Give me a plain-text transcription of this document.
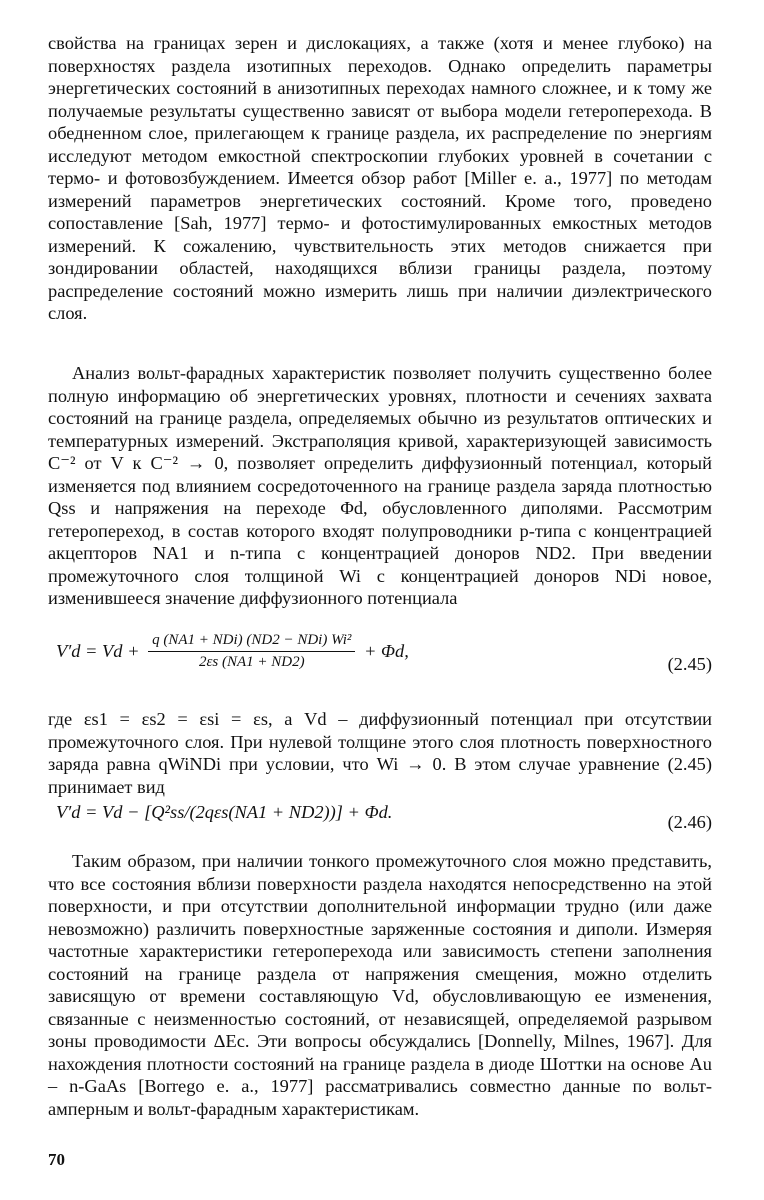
свойства на границах зерен и дислокациях, а также (хотя и менее глубоко) на поверхностях раздела изотипных переходов. Однако определить параметры энергетических состояний в анизотипных переходах намного сложнее, и к тому же получаемые результаты существенно зависят от выбора модели гетероперехода. В обедненном слое, прилегающем к границе раздела, их распределение по энергиям исследуют методом емкостной спектроскопии глубоких уровней в сочетании с термо- и фотовозбуждением. Имеется обзор работ [Miller e. a., 1977] по методам измерений параметров энергетических состояний. Кроме того, проведено сопоставление [Sah, 1977] термо- и фотостимулированных емкостных методов измерений. К сожалению, чувствительность этих методов снижается при зондировании областей, находящихся вблизи границы раздела, поэтому распределение состояний можно измерить лишь при наличии диэлектрического слоя.

Анализ вольт-фарадных характеристик позволяет получить существенно более полную информацию об энергетических уровнях, плотности и сечениях захвата состояний на границе раздела, определяемых обычно из результатов оптических и температурных измерений. Экстраполяция кривой, характеризующей зависимость C⁻² от V к C⁻² → 0, позволяет определить диффузионный потенциал, который изменяется под влиянием сосредоточенного на границе раздела заряда плотностью Qss и напряжения на переходе Φd, обусловленного диполями. Рассмотрим гетеропереход, в состав которого входят полупроводники p-типа с концентрацией акцепторов NA1 и n-типа с концентрацией доноров ND2. При введении промежуточного слоя толщиной Wi с концентрацией доноров NDi новое, изменившееся значение диффузионного потенциала

$V'd = Vd + \frac{\text{q (NA1 + NDi) (ND2 − NDi) Wi²}}{2\varepsilon s (NA1 + ND2)} + \Phi d$,
(2.45)

где εs1 = εs2 = εsi = εs, а Vd – диффузионный потенциал при отсутствии промежуточного слоя. При нулевой толщине этого слоя плотность поверхностного заряда равна qWiNDi при условии, что Wi → 0. В этом случае уравнение (2.45) принимает вид

V′d = Vd − [Q²ss/(2qεs(NA1 + ND2))] + Φd.	(2.46)

Таким образом, при наличии тонкого промежуточного слоя можно представить, что все состояния вблизи поверхности раздела находятся непосредственно на этой поверхности, и при отсутствии дополнительной информации трудно (или даже невозможно) различить поверхностные заряженные состояния и диполи. Измеряя частотные характеристики гетероперехода или зависимость степени заполнения состояний на границе раздела от напряжения смещения, можно отделить зависящую от времени составляющую Vd, обусловливающую ее изменения, связанные с неизменностью состояний, от независящей, определяемой разрывом зоны проводимости ΔEc. Эти вопросы обсуждались [Donnelly, Milnes, 1967]. Для нахождения плотности состояний на границе раздела в диоде Шоттки на основе Au – n-GaAs [Borrego e. a., 1977] рассматривались совместно данные по вольт-амперным и вольт-фарадным характеристикам.

70
